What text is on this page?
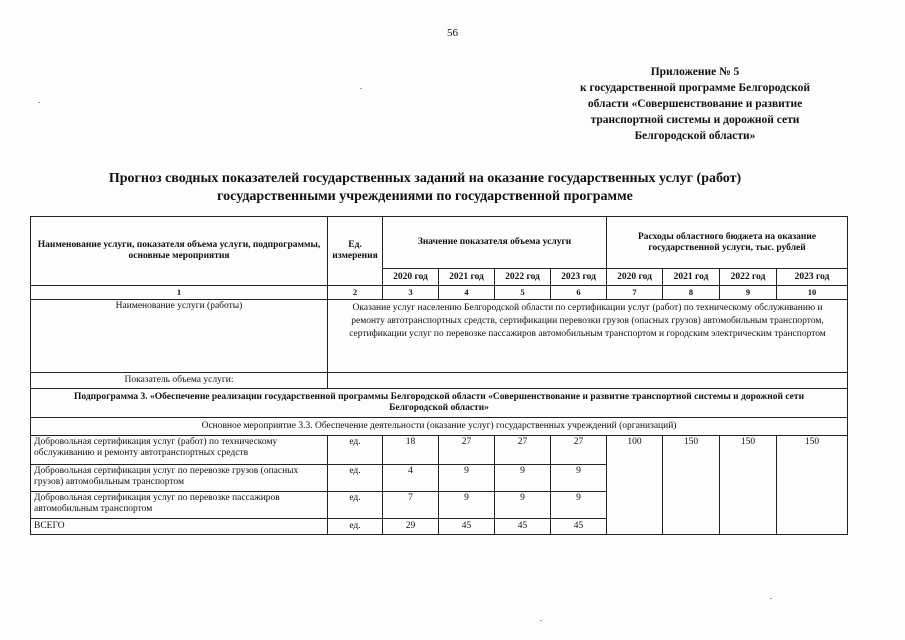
56
Приложение № 5
к государственной программе Белгородской
области «Совершенствование и развитие
транспортной системы и дорожной сети
Белгородской области»
Прогноз сводных показателей государственных заданий на оказание государственных услуг (работ)
государственными учреждениями по государственной программе
Наименование услуги, показателя объема услуги, подпрограммы, основные мероприятия	Ед. измерения	Значение показателя объема услуги				Расходы областного бюджета на оказание государственной услуги, тыс. рублей			
		2020 год	2021 год	2022 год	2023 год	2020 год	2021 год	2022 год	2023 год
1	2	3	4	5	6	7	8	9	10
Наименование услуги (работы)	Оказание услуг населению Белгородской области по сертификации услуг (работ) по техническому обслуживанию и ремонту автотранспортных средств, сертификации перевозки грузов (опасных грузов) автомобильным транспортом, сертификации услуг по перевозке пассажиров автомобильным транспортом и городским электрическим транспортом								
Показатель объема услуги:									
Подпрограмма 3. «Обеспечение реализации государственной программы Белгородской области «Совершенствование и развитие транспортной системы и дорожной сети Белгородской области»									
Основное мероприятие 3.3. Обеспечение деятельности (оказание услуг) государственных учреждений (организаций)									
Добровольная сертификация услуг (работ) по техническому обслуживанию и ремонту автотранспортных средств	ед.	18	27	27	27	100	150	150	150
Добровольная сертификация услуг по перевозке грузов (опасных грузов) автомобильным транспортом	ед.	4	9	9	9				
Добровольная сертификация услуг по перевозке пассажиров автомобильным транспортом	ед.	7	9	9	9				
ВСЕГО	ед.	29	45	45	45				
